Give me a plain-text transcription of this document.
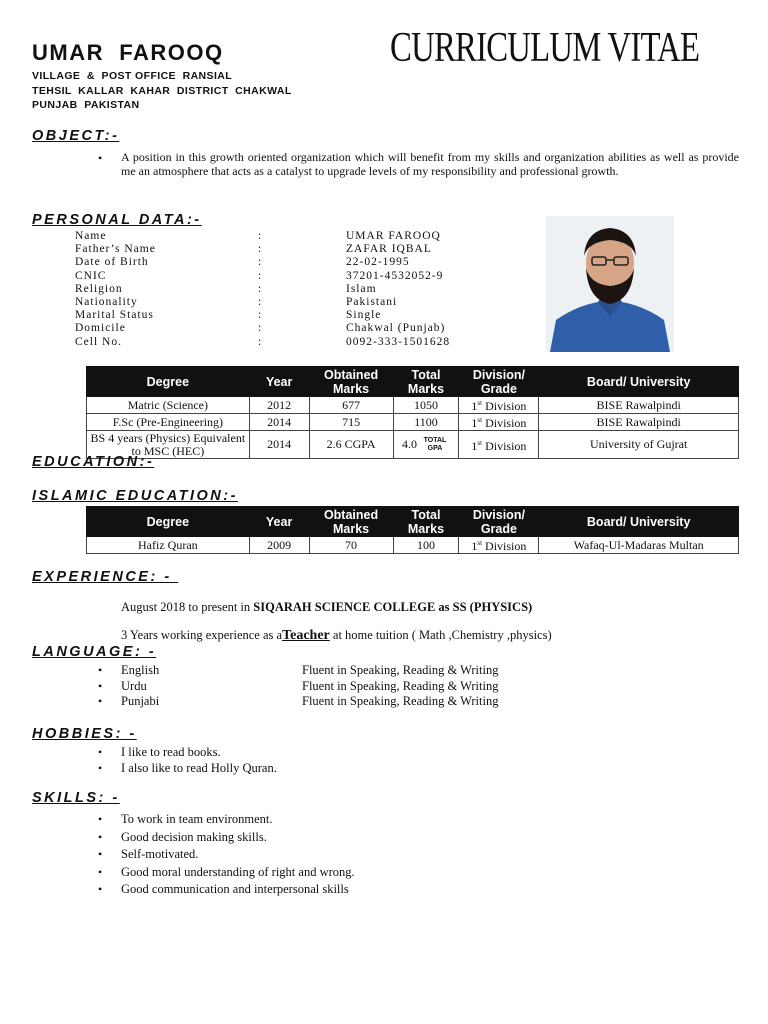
UMAR  FAROOQ	CURRICULUM VITAE
VILLAGE  &  POST OFFICE  RANSIAL
TEHSIL  KALLAR  KAHAR  DISTRICT  CHAKWAL
PUNJAB  PAKISTAN
OBJECT:-
• A position in this growth oriented organization which will benefit from my skills and organization abilities as well as provide me an atmosphere that acts as a catalyst to upgrade levels of my responsibility and professional growth.
PERSONAL DATA:-
Name	:	UMAR FAROOQ
Father’s Name	:	ZAFAR IQBAL
Date of Birth	:	22-02-1995
CNIC	:	37201-4532052-9
Religion	:	Islam
Nationality	:	Pakistani
Marital Status	:	Single
Domicile	:	Chakwal (Punjab)
Cell No.	:	0092-333-1501628
Degree	Year	Obtained Marks	Total Marks	Division/ Grade	Board/ University
Matric (Science)	2012	677	1050	1st Division	BISE Rawalpindi
F.Sc (Pre-Engineering)	2014	715	1100	1st Division	BISE Rawalpindi
BS 4 years (Physics) Equivalent to MSC (HEC)	2014	2.6 CGPA	4.0 TOTAL GPA	1st Division	University of Gujrat
EDUCATION:-
ISLAMIC EDUCATION:-
Degree	Year	Obtained Marks	Total Marks	Division/ Grade	Board/ University
Hafiz Quran	2009	70	100	1st Division	Wafaq-Ul-Madaras Multan
EXPERIENCE: -
August 2018 to present in SIQARAH SCIENCE COLLEGE as SS (PHYSICS)
3 Years working experience as aTeacher at home tuition ( Math ,Chemistry ,physics)
LANGUAGE: -
• English	Fluent in Speaking, Reading & Writing
• Urdu	Fluent in Speaking, Reading & Writing
• Punjabi	Fluent in Speaking, Reading & Writing
HOBBIES: -
• I like to read books.
• I also like to read Holly Quran.
SKILLS: -
• To work in team environment.
• Good decision making skills.
• Self-motivated.
• Good moral understanding of right and wrong.
• Good communication and interpersonal skills
